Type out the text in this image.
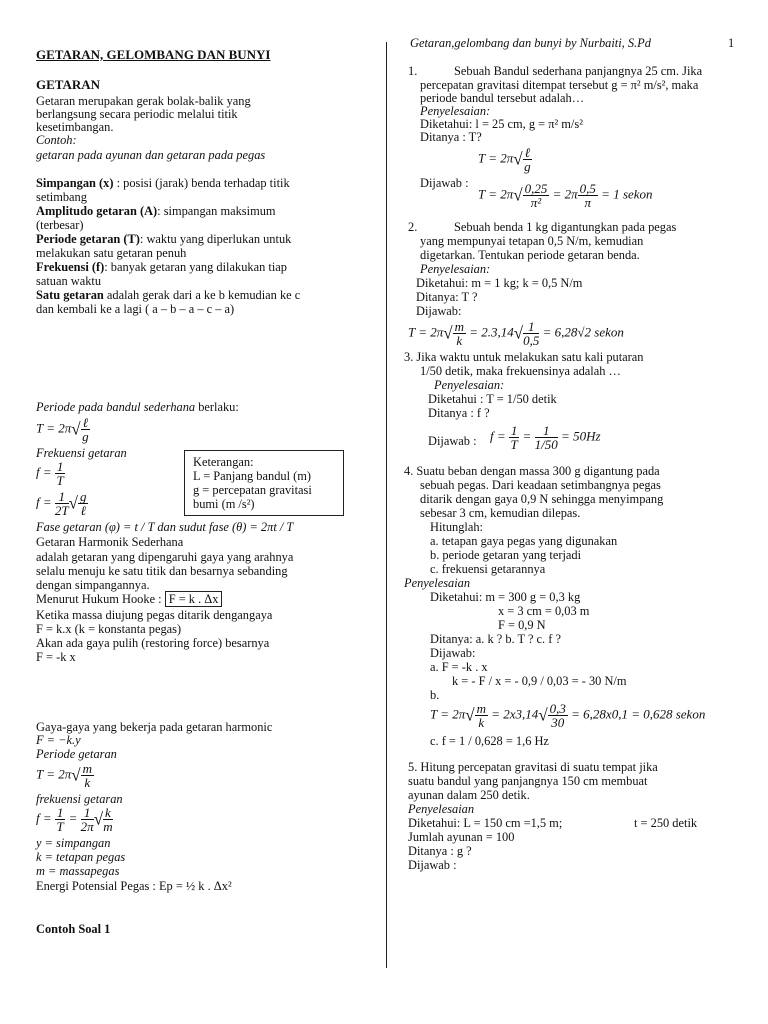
Getaran,gelombang dan bunyi by Nurbaiti, S.Pd	1
GETARAN, GELOMBANG DAN BUNYI
GETARAN
Getaran merupakan gerak bolak-balik yang
berlangsung secara periodic melalui titik
kesetimbangan.
Contoh:
getaran pada ayunan dan getaran pada pegas
Simpangan (x) : posisi (jarak) benda terhadap titik
setimbang
Amplitudo getaran (A): simpangan maksimum
(terbesar)
Periode getaran (T): waktu yang diperlukan untuk
melakukan satu getaran penuh
Frekuensi (f): banyak getaran yang dilakukan tiap
satuan waktu
Satu getaran adalah gerak dari a ke b kemudian ke c
dan kembali ke a lagi ( a – b – a – c – a)
Periode pada bandul sederhana berlaku:
$T = 2\pi√ \frac{\text{ℓ}}{g}$
Frekuensi getaran
$f = \frac{1}{T}$
$f = \frac{1}{2T}$ √ $\frac{g}{\text{ℓ}}$
Keterangan:
L = Panjang bandul (m)
g = percepatan gravitasi
bumi (m /s²)
Fase getaran (φ) = t / T dan sudut fase (θ) = 2πt / T
Getaran Harmonik Sederhana
adalah getaran yang dipengaruhi gaya yang arahnya
selalu menuju ke satu titik dan besarnya sebanding
dengan simpangannya.
Menurut Hukum Hooke : F = k . Δx
Ketika massa diujung pegas ditarik dengangaya
F = k.x (k = konstanta pegas)
Akan ada gaya pulih (restoring force) besarnya
F = -k x
Gaya-gaya yang bekerja pada getaran harmonic
F = −k.y
Periode getaran
$T = 2\pi√ \frac{m}{k}$
frekuensi getaran
$f = \frac{1}{T} = \frac{1}{2\pi}$ √ $\frac{k}{m}$
y = simpangan
k = tetapan pegas
m = massapegas
Energi Potensial Pegas : Ep = ½ k . Δx²
Contoh Soal 1
1.	Sebuah Bandul sederhana panjangnya 25 cm. Jika
percepatan gravitasi ditempat tersebut g = π² m/s², maka
periode bandul tersebut adalah…
Penyelesaian:
Diketahui: l = 25 cm, g = π² m/s²
Ditanya : T?
$T = 2\pi√ \frac{\text{ℓ}}{g}$
Dijawab :
$T = 2\pi√ \frac{0,25}{\text{π²}} = 2\pi \frac{0,5}{\pi} = 1$ sekon
2.	Sebuah benda 1 kg digantungkan pada pegas
yang mempunyai tetapan 0,5 N/m, kemudian
digetarkan. Tentukan periode getaran benda.
Penyelesaian:
Diketahui: m = 1 kg; k = 0,5 N/m
Ditanya: T ?
Dijawab:
$T = 2\pi√ \frac{m}{k} = 2.3,14√ \frac{1}{0,5} = 6,28√2$ sekon
3. Jika waktu untuk melakukan satu kali putaran
1/50 detik, maka frekuensinya adalah …
Penyelesaian:
Diketahui : T = 1/50 detik
Ditanya : f ?
Dijawab : $f = \frac{1}{T} = \frac{1}{1/50} = 50Hz$
4. Suatu beban dengan massa 300 g digantung pada
sebuah pegas. Dari keadaan setimbangnya pegas
ditarik dengan gaya 0,9 N sehingga menyimpang
sebesar 3 cm, kemudian dilepas.
Hitunglah:
a. tetapan gaya pegas yang digunakan
b. periode getaran yang terjadi
c. frekuensi getarannya
Penyelesaian
Diketahui: m = 300 g = 0,3 kg
x = 3 cm = 0,03 m
F = 0,9 N
Ditanya: a. k ? b. T ? c. f ?
Dijawab:
a. F = -k . x
k = - F / x = - 0,9 / 0,03 = - 30 N/m
b.
$T = 2\pi√ \frac{m}{k} = 2x3,14√ \frac{0,3}{30} = 6,28x0,1 = 0,628$ sekon
c. f = 1 / 0,628 = 1,6 Hz
5. Hitung percepatan gravitasi di suatu tempat jika
suatu bandul yang panjangnya 150 cm membuat
ayunan dalam 250 detik.
Penyelesaian
Diketahui: L = 150 cm =1,5 m;	t = 250 detik
Jumlah ayunan = 100
Ditanya : g ?
Dijawab :
